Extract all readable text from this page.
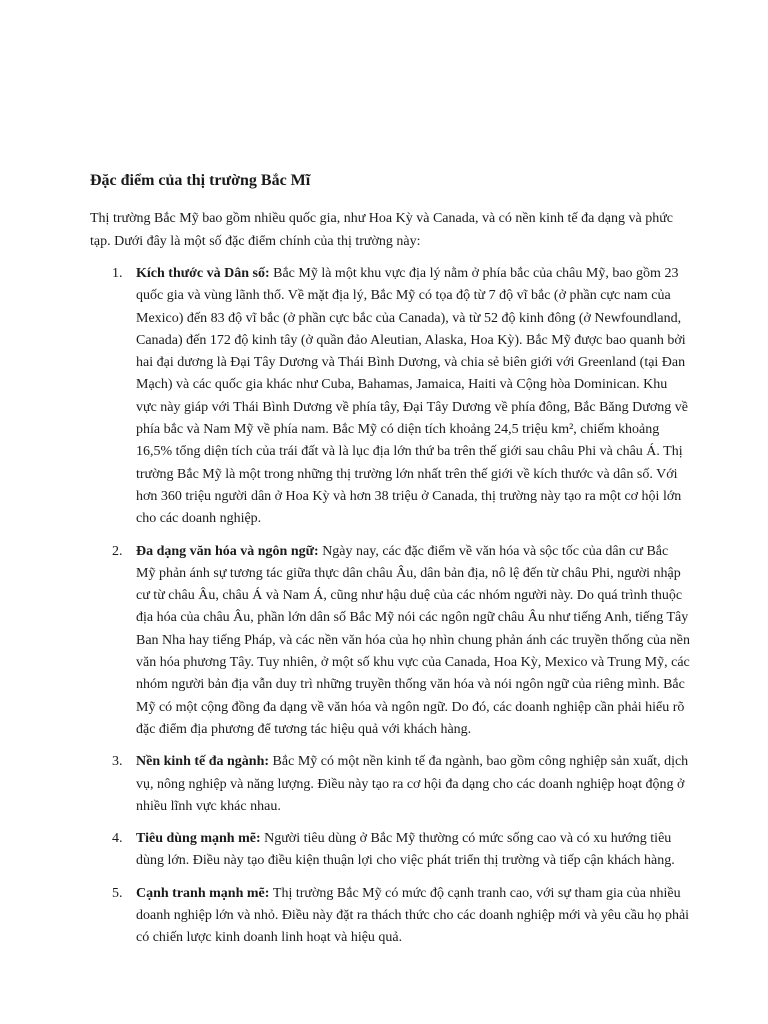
Đặc điểm của thị trường Bắc Mĩ

Thị trường Bắc Mỹ bao gồm nhiều quốc gia, như Hoa Kỳ và Canada, và có nền kinh tế đa dạng và phức tạp. Dưới đây là một số đặc điểm chính của thị trường này:

1. Kích thước và Dân số: Bắc Mỹ là một khu vực địa lý nằm ở phía bắc của châu Mỹ, bao gồm 23 quốc gia và vùng lãnh thổ. Về mặt địa lý, Bắc Mỹ có tọa độ từ 7 độ vĩ bắc (ở phần cực nam của Mexico) đến 83 độ vĩ bắc (ở phần cực bắc của Canada), và từ 52 độ kinh đông (ở Newfoundland, Canada) đến 172 độ kinh tây (ở quần đảo Aleutian, Alaska, Hoa Kỳ). Bắc Mỹ được bao quanh bởi hai đại dương là Đại Tây Dương và Thái Bình Dương, và chia sẻ biên giới với Greenland (tại Đan Mạch) và các quốc gia khác như Cuba, Bahamas, Jamaica, Haiti và Cộng hòa Dominican. Khu vực này giáp với Thái Bình Dương về phía tây, Đại Tây Dương về phía đông, Bắc Băng Dương về phía bắc và Nam Mỹ về phía nam. Bắc Mỹ có diện tích khoảng 24,5 triệu km², chiếm khoảng 16,5% tổng diện tích của trái đất và là lục địa lớn thứ ba trên thế giới sau châu Phi và châu Á. Thị trường Bắc Mỹ là một trong những thị trường lớn nhất trên thế giới về kích thước và dân số. Với hơn 360 triệu người dân ở Hoa Kỳ và hơn 38 triệu ở Canada, thị trường này tạo ra một cơ hội lớn cho các doanh nghiệp.
2. Đa dạng văn hóa và ngôn ngữ: Ngày nay, các đặc điểm về văn hóa và sộc tốc của dân cư Bắc Mỹ phản ánh sự tương tác giữa thực dân châu Âu, dân bản địa, nô lệ đến từ châu Phi, người nhập cư từ châu Âu, châu Á và Nam Á, cũng như hậu duệ của các nhóm người này. Do quá trình thuộc địa hóa của châu Âu, phần lớn dân số Bắc Mỹ nói các ngôn ngữ châu Âu như tiếng Anh, tiếng Tây Ban Nha hay tiếng Pháp, và các nền văn hóa của họ nhìn chung phản ánh các truyền thống của nền văn hóa phương Tây. Tuy nhiên, ở một số khu vực của Canada, Hoa Kỳ, Mexico và Trung Mỹ, các nhóm người bản địa vẫn duy trì những truyền thống văn hóa và nói ngôn ngữ của riêng mình. Bắc Mỹ có một cộng đồng đa dạng về văn hóa và ngôn ngữ. Do đó, các doanh nghiệp cần phải hiểu rõ đặc điểm địa phương để tương tác hiệu quả với khách hàng.
3. Nền kinh tế đa ngành: Bắc Mỹ có một nền kinh tế đa ngành, bao gồm công nghiệp sản xuất, dịch vụ, nông nghiệp và năng lượng. Điều này tạo ra cơ hội đa dạng cho các doanh nghiệp hoạt động ở nhiều lĩnh vực khác nhau.
4. Tiêu dùng mạnh mẽ: Người tiêu dùng ở Bắc Mỹ thường có mức sống cao và có xu hướng tiêu dùng lớn. Điều này tạo điều kiện thuận lợi cho việc phát triển thị trường và tiếp cận khách hàng.
5. Cạnh tranh mạnh mẽ: Thị trường Bắc Mỹ có mức độ cạnh tranh cao, với sự tham gia của nhiều doanh nghiệp lớn và nhỏ. Điều này đặt ra thách thức cho các doanh nghiệp mới và yêu cầu họ phải có chiến lược kinh doanh linh hoạt và hiệu quả.
